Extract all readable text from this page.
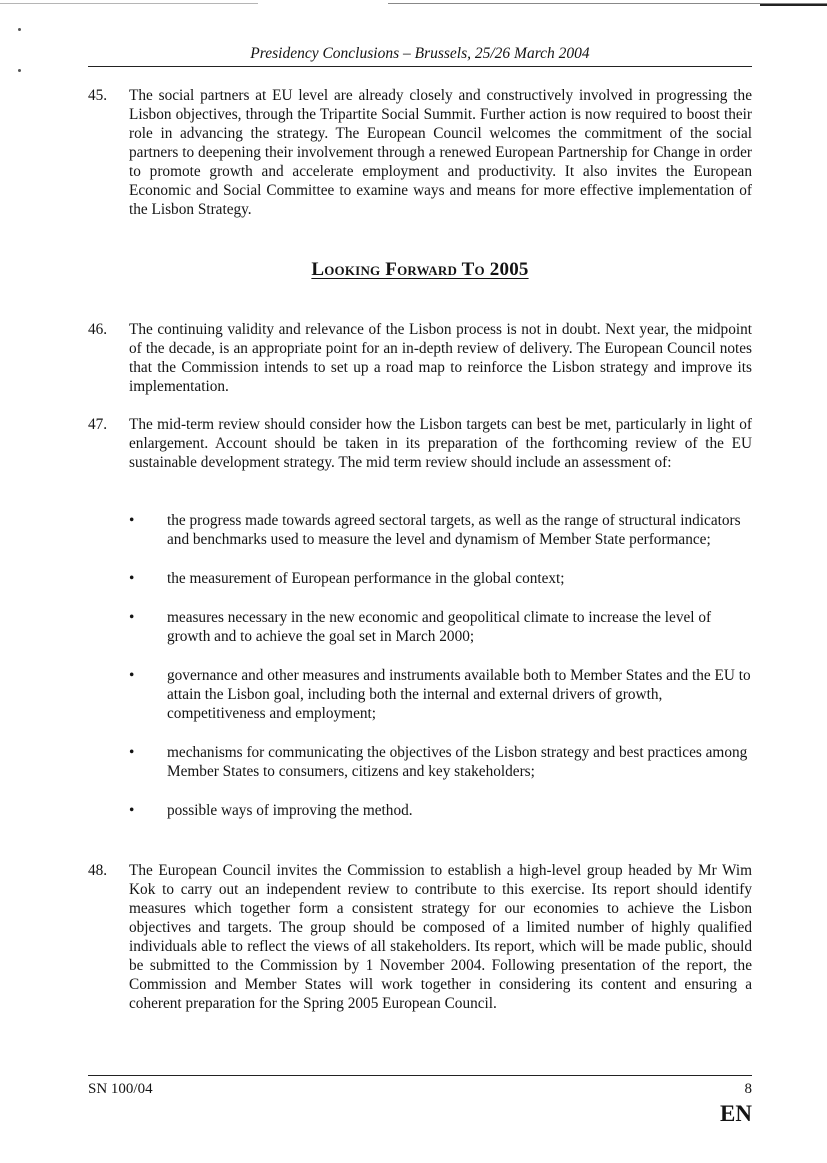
Presidency Conclusions – Brussels, 25/26 March 2004
45. The social partners at EU level are already closely and constructively involved in progressing the Lisbon objectives, through the Tripartite Social Summit. Further action is now required to boost their role in advancing the strategy. The European Council welcomes the commitment of the social partners to deepening their involvement through a renewed European Partnership for Change in order to promote growth and accelerate employment and productivity. It also invites the European Economic and Social Committee to examine ways and means for more effective implementation of the Lisbon Strategy.
Looking Forward To 2005
46. The continuing validity and relevance of the Lisbon process is not in doubt. Next year, the midpoint of the decade, is an appropriate point for an in-depth review of delivery. The European Council notes that the Commission intends to set up a road map to reinforce the Lisbon strategy and improve its implementation.
47. The mid-term review should consider how the Lisbon targets can best be met, particularly in light of enlargement. Account should be taken in its preparation of the forthcoming review of the EU sustainable development strategy. The mid term review should include an assessment of:
• the progress made towards agreed sectoral targets, as well as the range of structural indicators and benchmarks used to measure the level and dynamism of Member State performance;
• the measurement of European performance in the global context;
• measures necessary in the new economic and geopolitical climate to increase the level of growth and to achieve the goal set in March 2000;
• governance and other measures and instruments available both to Member States and the EU to attain the Lisbon goal, including both the internal and external drivers of growth, competitiveness and employment;
• mechanisms for communicating the objectives of the Lisbon strategy and best practices among Member States to consumers, citizens and key stakeholders;
• possible ways of improving the method.
48. The European Council invites the Commission to establish a high-level group headed by Mr Wim Kok to carry out an independent review to contribute to this exercise. Its report should identify measures which together form a consistent strategy for our economies to achieve the Lisbon objectives and targets. The group should be composed of a limited number of highly qualified individuals able to reflect the views of all stakeholders. Its report, which will be made public, should be submitted to the Commission by 1 November 2004. Following presentation of the report, the Commission and Member States will work together in considering its content and ensuring a coherent preparation for the Spring 2005 European Council.
SN 100/04	8
EN
